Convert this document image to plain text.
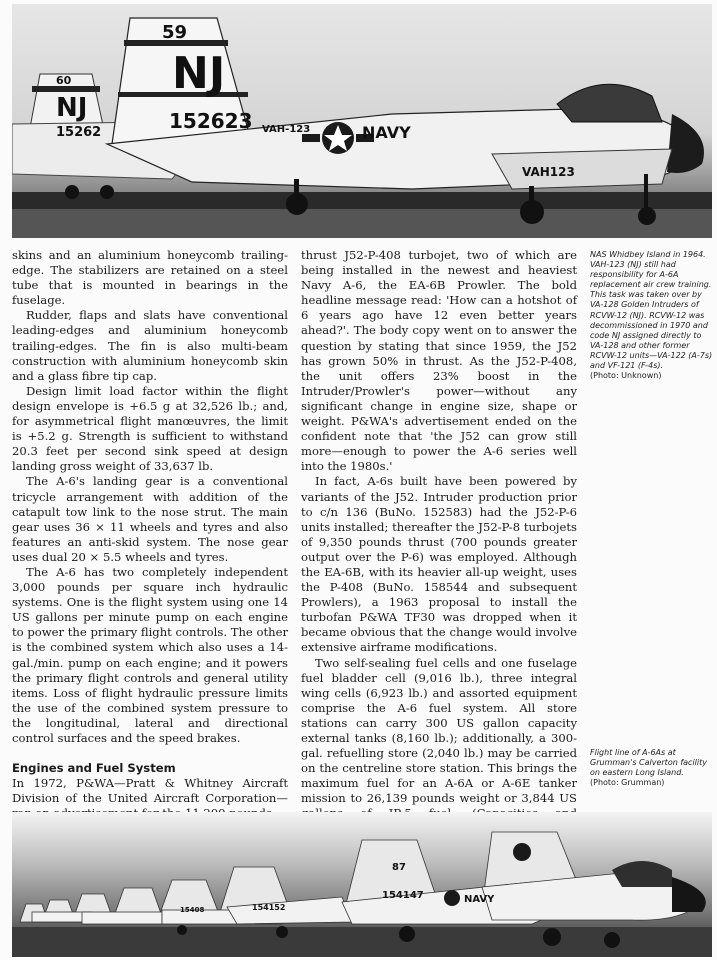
59
NJ
152623
60
NJ
15262	VAH-123	NAVY
VAH123

skins and an aluminium honeycomb trailing-edge. The stabilizers are retained on a steel tube that is mounted in bearings in the fuselage.

Rudder, flaps and slats have conventional leading-edges and aluminium honeycomb trailing-edges. The fin is also multi-beam construction with aluminium honeycomb skin and a glass fibre tip cap.

Design limit load factor within the flight design envelope is +6.5 g at 32,526 lb.; and, for asymmetrical flight manœuvres, the limit is +5.2 g. Strength is sufficient to withstand 20.3 feet per second sink speed at design landing gross weight of 33,637 lb.

The A-6's landing gear is a conventional tricycle arrangement with addition of the catapult tow link to the nose strut. The main gear uses 36 × 11 wheels and tyres and also features an anti-skid system. The nose gear uses dual 20 × 5.5 wheels and tyres.

The A-6 has two completely independent 3,000 pounds per square inch hydraulic systems. One is the flight system using one 14 US gallons per minute pump on each engine to power the primary flight controls. The other is the combined system which also uses a 14-gal./min. pump on each engine; and it powers the primary flight controls and general utility items. Loss of flight hydraulic pressure limits the use of the combined system pressure to the longitudinal, lateral and directional control surfaces and the speed brakes.

Engines and Fuel System

In 1972, P&WA—Pratt & Whitney Aircraft Division of the United Aircraft Corporation—

thrust J52-P-408 turbojet, two of which are being installed in the newest and heaviest Navy A-6, the EA-6B Prowler. The bold headline message read: 'How can a hotshot of 6 years ago have 12 even better years ahead?'. The body copy went on to answer the question by stating that since 1959, the J52 has grown 50% in thrust. As the J52-P-408, the unit offers 23% boost in the Intruder/Prowler's power—without any significant change in engine size, shape or weight. P&WA's advertisement ended on the confident note that 'the J52 can grow still more—enough to power the A-6 series well into the 1980s.'

In fact, A-6s built have been powered by variants of the J52. Intruder production prior to c/n 136 (BuNo. 152583) had the J52-P-6 units installed; thereafter the J52-P-8 turbojets of 9,350 pounds thrust (700 pounds greater output over the P-6) was employed. Although the EA-6B, with its heavier all-up weight, uses the P-408 (BuNo. 158544 and subsequent Prowlers), a 1963 proposal to install the turbofan P&WA TF30 was dropped when it became obvious that the change would involve extensive airframe modifications.

Two self-sealing fuel cells and one fuselage fuel bladder cell (9,016 lb.), three integral wing cells (6,923 lb.) and assorted equipment comprise the A-6 fuel system. All store stations can carry 300 US gallon capacity external tanks (8,160 lb.); additionally, a 300-gal. refuelling store (2,040 lb.) may be carried on the centreline store station. This brings the maximum fuel for an A-6A or A-6E tanker mission to 26,139 pounds weight or 3,844 US

NAS Whidbey Island in 1964. VAH-123 (NJ) still had responsibility for A-6A replacement air crew training. This task was taken over by VA-128 Golden Intruders of RCVW-12 (NJ). RCVW-12 was decommissioned in 1970 and code NJ assigned directly to VA-128 and other former RCVW-12 units—VA-122 (A-7s) and VF-121 (F-4s).
(Photo: Unknown)
Flight line of A-6As at Grumman's Calverton facility on eastern Long Island.
(Photo: Grumman)
87
154147
154152
15408
NAVY
